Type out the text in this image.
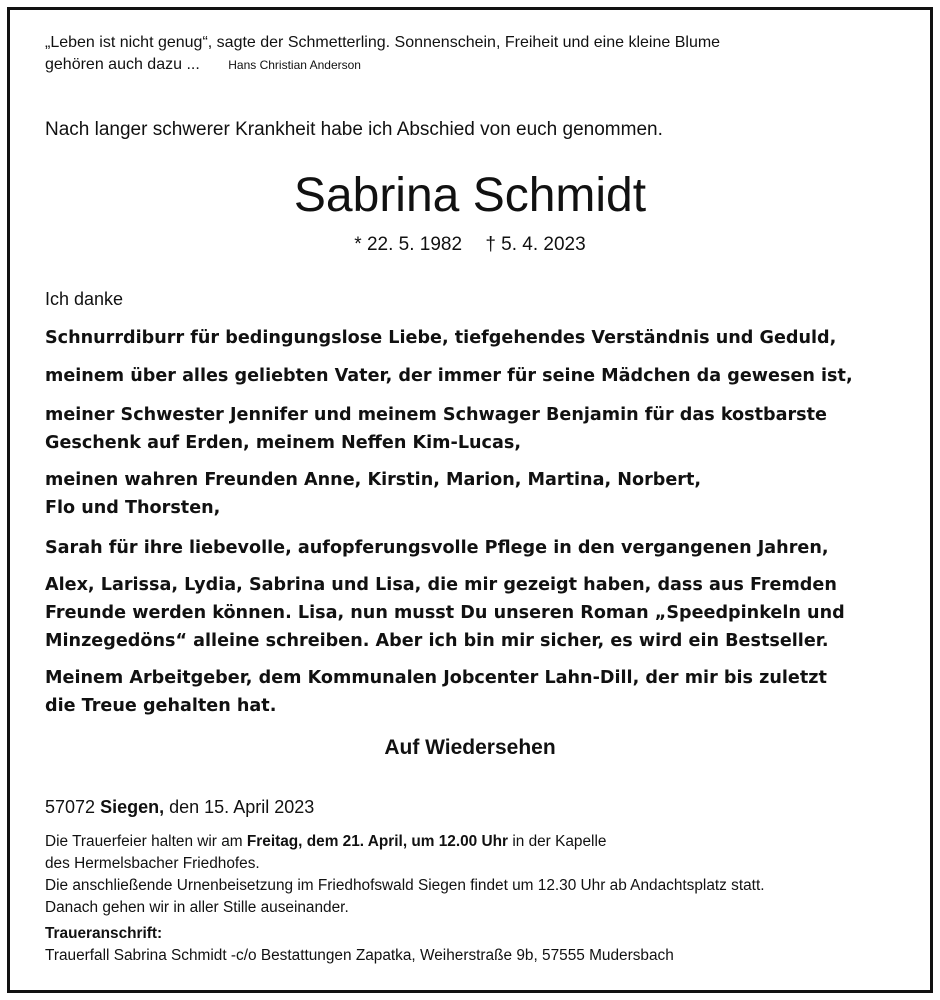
„Leben ist nicht genug“, sagte der Schmetterling. Sonnenschein, Freiheit und eine kleine Blume
gehören auch dazu ... Hans Christian Anderson
Nach langer schwerer Krankheit habe ich Abschied von euch genommen.
Sabrina Schmidt
* 22. 5. 1982 † 5. 4. 2023
Ich danke
Schnurrdiburr für bedingungslose Liebe, tiefgehendes Verständnis und Geduld,
meinem über alles geliebten Vater, der immer für seine Mädchen da gewesen ist,
meiner Schwester Jennifer und meinem Schwager Benjamin für das kostbarste
Geschenk auf Erden, meinem Neffen Kim-Lucas,
meinen wahren Freunden Anne, Kirstin, Marion, Martina, Norbert,
Flo und Thorsten,
Sarah für ihre liebevolle, aufopferungsvolle Pflege in den vergangenen Jahren,
Alex, Larissa, Lydia, Sabrina und Lisa, die mir gezeigt haben, dass aus Fremden
Freunde werden können. Lisa, nun musst Du unseren Roman „Speedpinkeln und
Minzegedöns“ alleine schreiben. Aber ich bin mir sicher, es wird ein Bestseller.
Meinem Arbeitgeber, dem Kommunalen Jobcenter Lahn-Dill, der mir bis zuletzt
die Treue gehalten hat.
Auf Wiedersehen
57072 Siegen, den 15. April 2023
Die Trauerfeier halten wir am Freitag, dem 21. April, um 12.00 Uhr in der Kapelle
des Hermelsbacher Friedhofes.
Die anschließende Urnenbeisetzung im Friedhofswald Siegen findet um 12.30 Uhr ab Andachtsplatz statt.
Danach gehen wir in aller Stille auseinander.
Traueranschrift:
Trauerfall Sabrina Schmidt -c/o Bestattungen Zapatka, Weiherstraße 9b, 57555 Mudersbach
